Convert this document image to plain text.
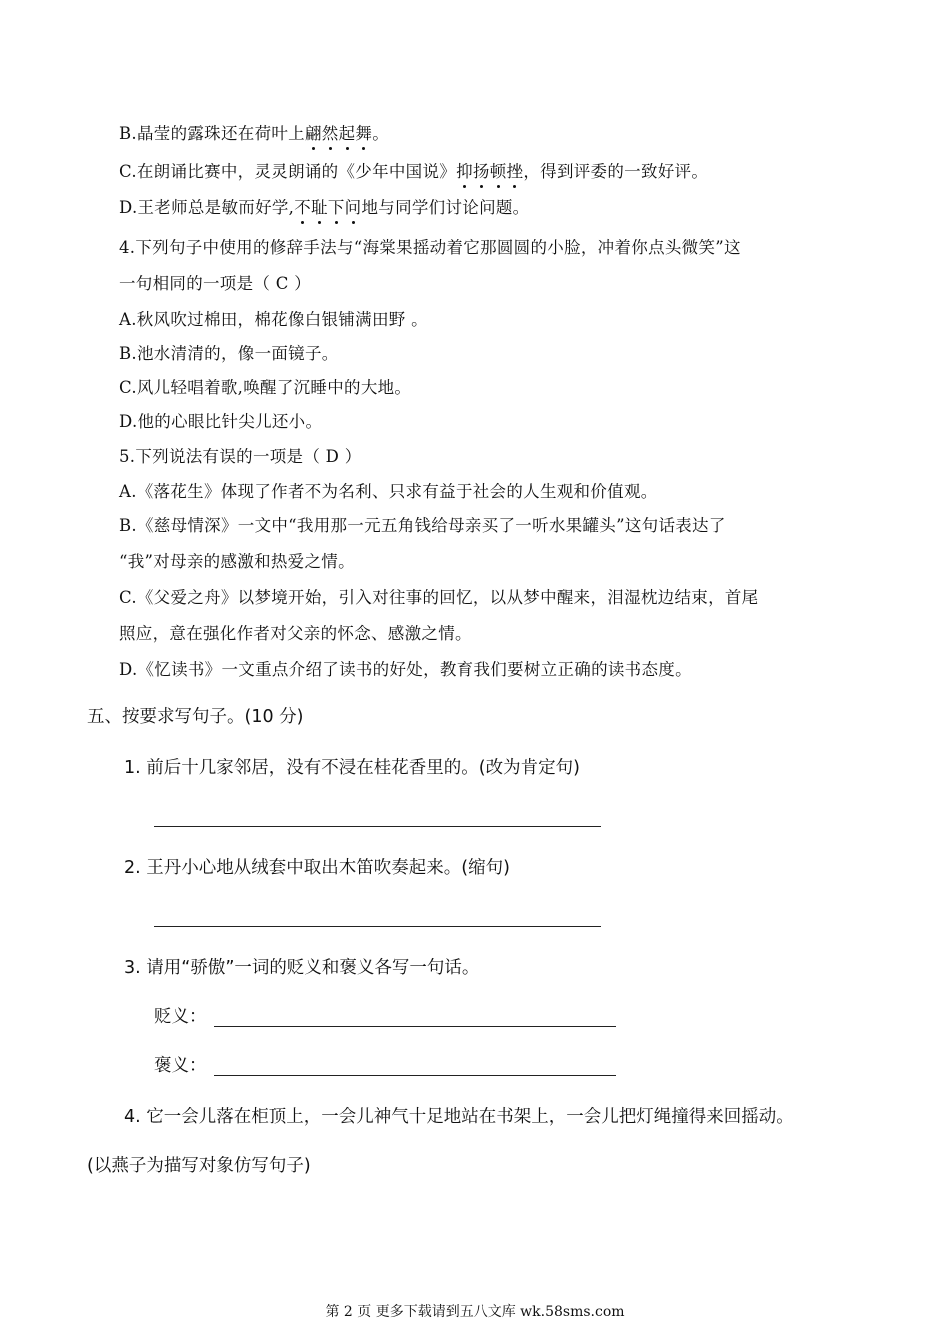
B.晶莹的露珠还在荷叶上翩然起舞。
C.在朗诵比赛中，灵灵朗诵的《少年中国说》抑扬顿挫，得到评委的一致好评。
D.王老师总是敏而好学,不耻下问地与同学们讨论问题。
4.下列句子中使用的修辞手法与“海棠果摇动着它那圆圆的小脸，冲着你点头微笑”这
一句相同的一项是（ C ）
A.秋风吹过棉田，棉花像白银铺满田野 。
B.池水清清的，像一面镜子。
C.风儿轻唱着歌,唤醒了沉睡中的大地。
D.他的心眼比针尖儿还小。
5.下列说法有误的一项是（ D ）
A.《落花生》体现了作者不为名利、只求有益于社会的人生观和价值观。
B.《慈母情深》一文中“我用那一元五角钱给母亲买了一听水果罐头”这句话表达了
“我”对母亲的感激和热爱之情。
C.《父爱之舟》以梦境开始，引入对往事的回忆，以从梦中醒来，泪湿枕边结束，首尾
照应，意在强化作者对父亲的怀念、感激之情。
D.《忆读书》一文重点介绍了读书的好处，教育我们要树立正确的读书态度。
五、按要求写句子。(10 分)
1. 前后十几家邻居，没有不浸在桂花香里的。(改为肯定句)
2. 王丹小心地从绒套中取出木笛吹奏起来。(缩句)
3. 请用“骄傲”一词的贬义和褒义各写一句话。
贬义：
褒义：
4. 它一会儿落在柜顶上，一会儿神气十足地站在书架上，一会儿把灯绳撞得来回摇动。
(以燕子为描写对象仿写句子)
第 2 页 更多下载请到五八文库 wk.58sms.com
